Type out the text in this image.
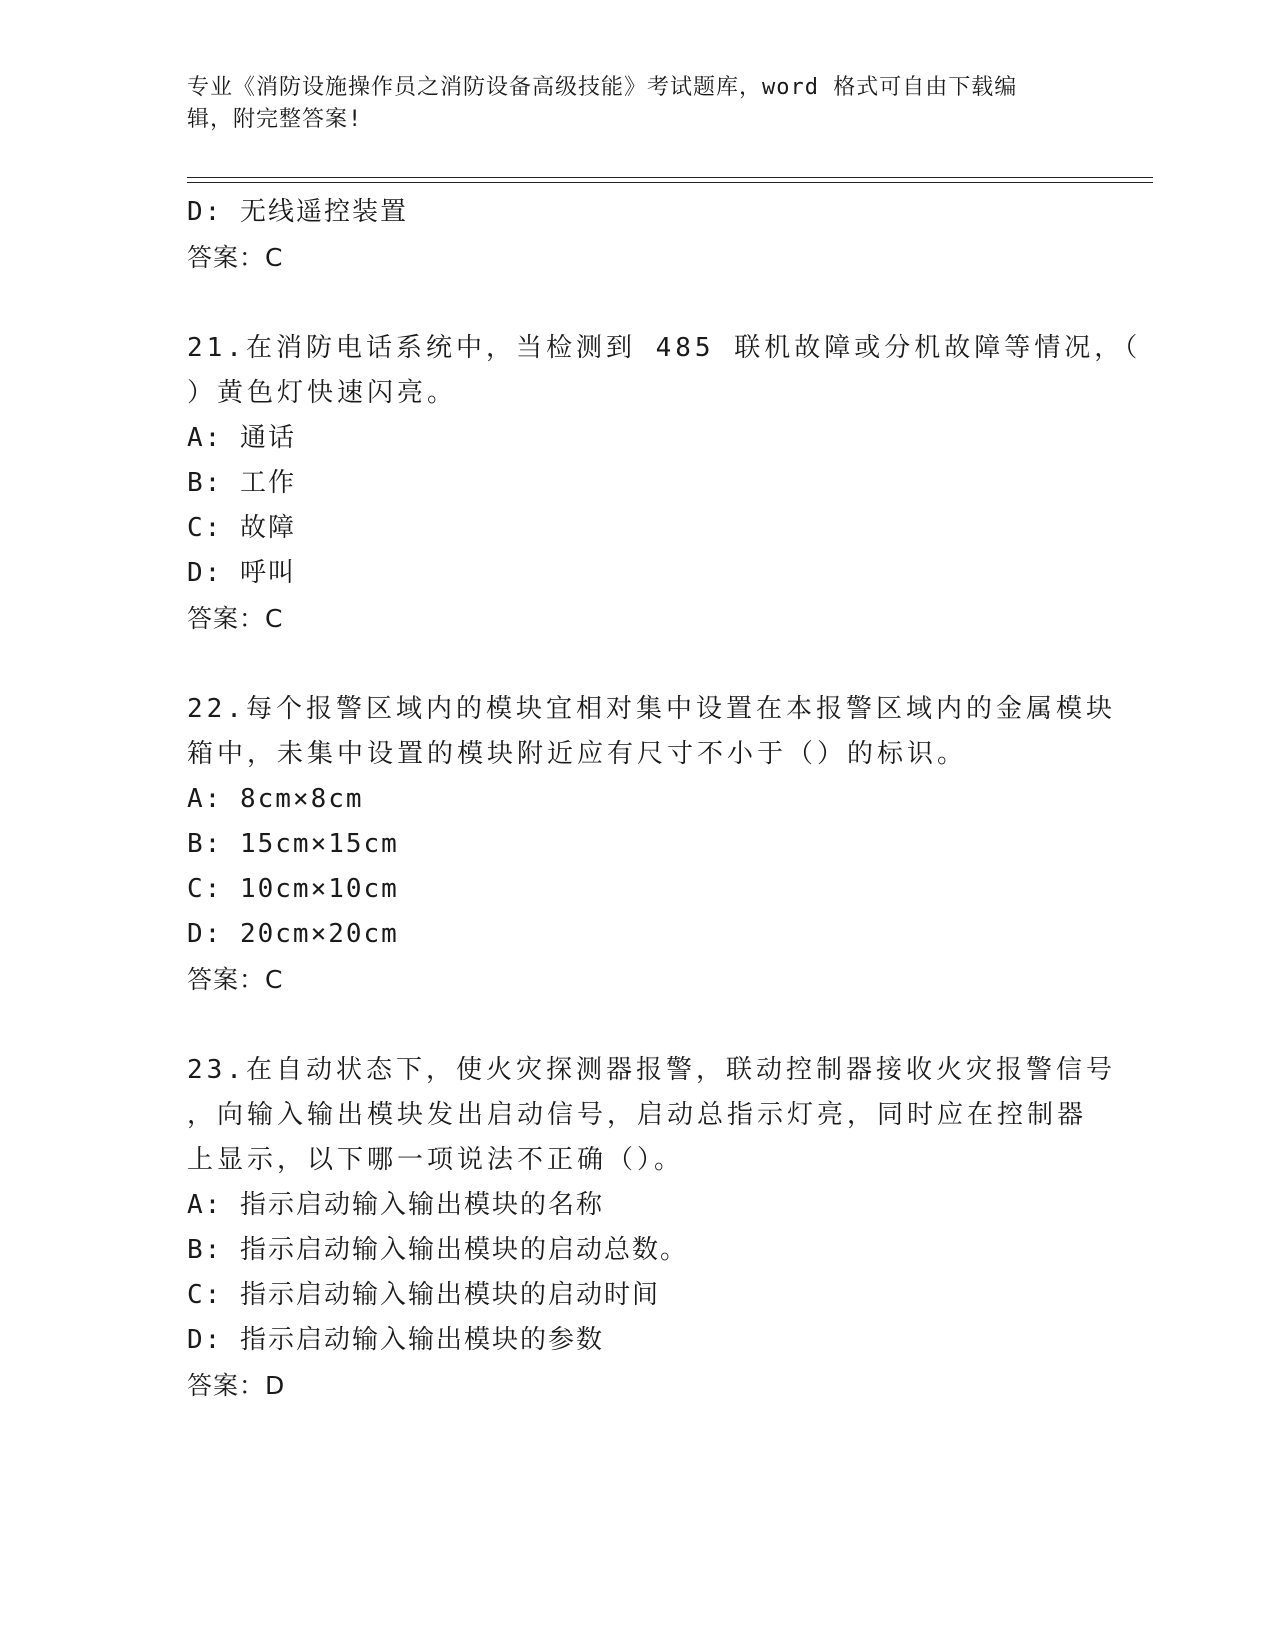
专业《消防设施操作员之消防设备高级技能》考试题库，word 格式可自由下载编
辑，附完整答案!
D: 无线遥控装置
答案：C
21.在消防电话系统中，当检测到 485 联机故障或分机故障等情况，（
）黄色灯快速闪亮。
A: 通话
B: 工作
C: 故障
D: 呼叫
答案：C
22.每个报警区域内的模块宜相对集中设置在本报警区域内的金属模块
箱中，未集中设置的模块附近应有尺寸不小于（）的标识。
A: 8cm×8cm
B: 15cm×15cm
C: 10cm×10cm
D: 20cm×20cm
答案：C
23.在自动状态下，使火灾探测器报警，联动控制器接收火灾报警信号
，向输入输出模块发出启动信号，启动总指示灯亮，同时应在控制器
上显示，以下哪一项说法不正确（）。
A: 指示启动输入输出模块的名称
B: 指示启动输入输出模块的启动总数。
C: 指示启动输入输出模块的启动时间
D: 指示启动输入输出模块的参数
答案：D
